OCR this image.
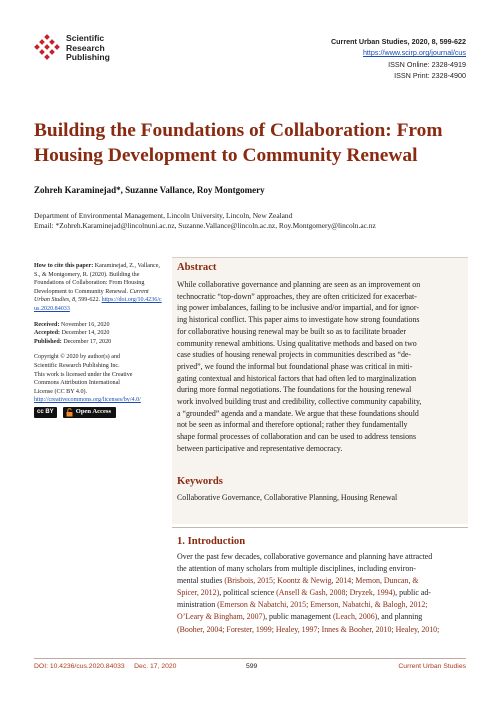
Scientific
Research
Publishing
Current Urban Studies, 2020, 8, 599-622
https://www.scirp.org/journal/cus
ISSN Online: 2328-4919
ISSN Print: 2328-4900
Building the Foundations of Collaboration: From
Housing Development to Community Renewal
Zohreh Karaminejad*, Suzanne Vallance, Roy Montgomery
Department of Environmental Management, Lincoln University, Lincoln, New Zealand
Email: *Zohreh.Karaminejad@lincolnuni.ac.nz, Suzanne.Vallance@lincoln.ac.nz, Roy.Montgomery@lincoln.ac.nz
How to cite this paper: Karaminejad, Z., Vallance, S., & Montgomery, R. (2020). Building the Foundations of Collaboration: From Housing Development to Community Renewal. Current Urban Studies, 8, 599-622. https://doi.org/10.4236/cus.2020.84033
Received: November 16, 2020
Accepted: December 14, 2020
Published: December 17, 2020
Copyright © 2020 by author(s) and
Scientific Research Publishing Inc.
This work is licensed under the Creative
Commons Attribution International
License (CC BY 4.0).
http://creativecommons.org/licenses/by/4.0/
cc BY	Open Access
Abstract
While collaborative governance and planning are seen as an improvement on
technocratic “top-down” approaches, they are often criticized for exacerbat-
ing power imbalances, failing to be inclusive and/or impartial, and for ignor-
ing historical conflict. This paper aims to investigate how strong foundations
for collaborative housing renewal may be built so as to facilitate broader
community renewal ambitions. Using qualitative methods and based on two
case studies of housing renewal projects in communities described as “de-
prived”, we found the informal but foundational phase was critical in miti-
gating contextual and historical factors that had often led to marginalization
during more formal negotiations. The foundations for the housing renewal
work involved building trust and credibility, collective community capability,
a “grounded” agenda and a mandate. We argue that these foundations should
not be seen as informal and therefore optional; rather they fundamentally
shape formal processes of collaboration and can be used to address tensions
between participative and representative democracy.
Keywords
Collaborative Governance, Collaborative Planning, Housing Renewal
1. Introduction
Over the past few decades, collaborative governance and planning have attracted
the attention of many scholars from multiple disciplines, including environ-
mental studies (Brisbois, 2015; Koontz & Newig, 2014; Memon, Duncan, &
Spicer, 2012), political science (Ansell & Gash, 2008; Dryzek, 1994), public ad-
ministration (Emerson & Nabatchi, 2015; Emerson, Nabatchi, & Balogh, 2012;
O’Leary & Bingham, 2007), public management (Leach, 2006), and planning
(Booher, 2004; Forester, 1999; Healey, 1997; Innes & Booher, 2010; Healey, 2010;
DOI: 10.4236/cus.2020.84033     Dec. 17, 2020	599	Current Urban Studies
